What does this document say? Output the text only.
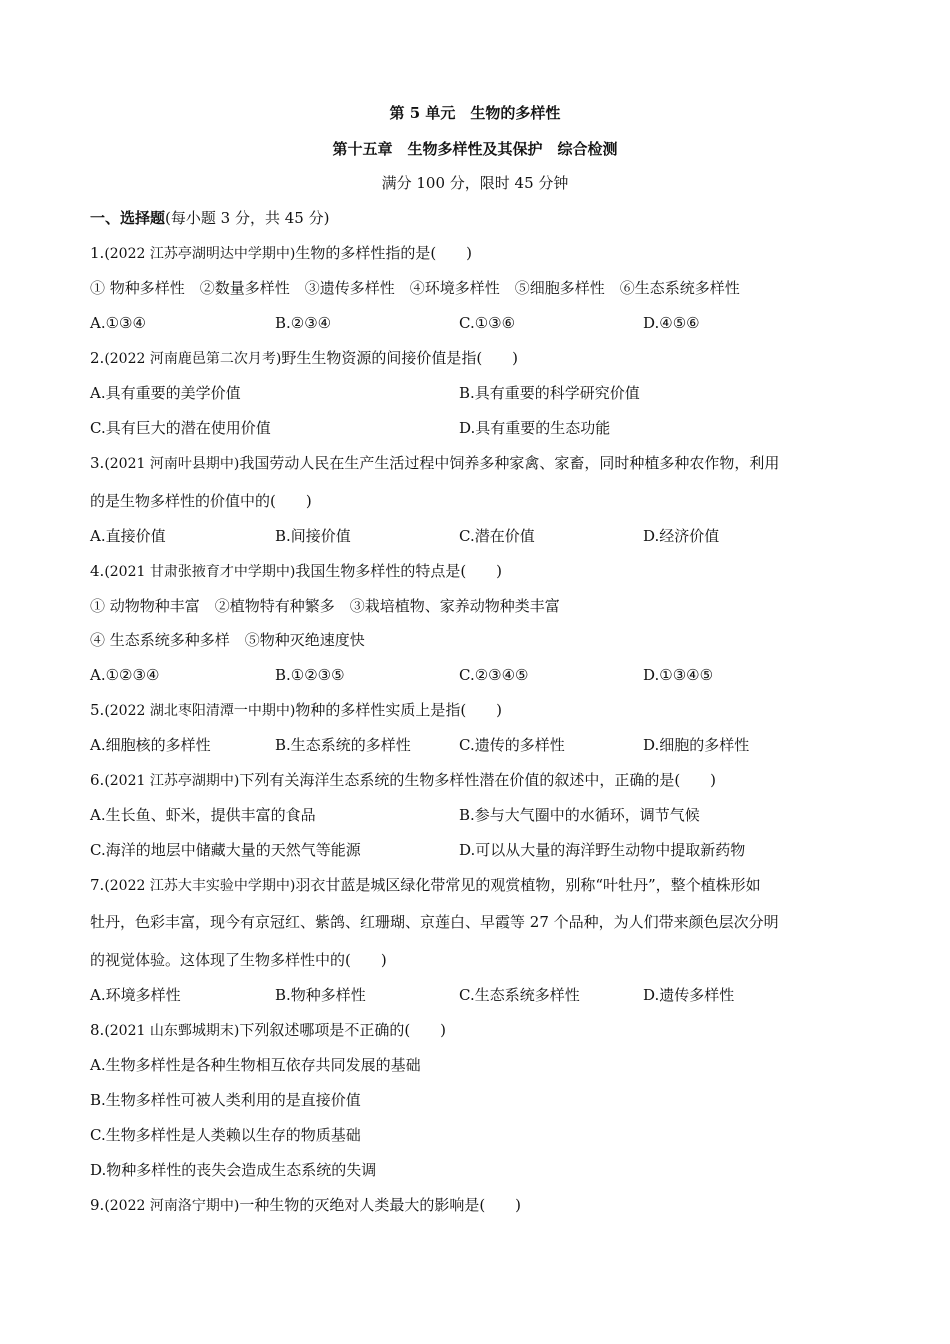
第 5 单元　生物的多样性
第十五章　生物多样性及其保护　综合检测
满分 100 分，限时 45 分钟
一、选择题(每小题 3 分，共 45 分)
1.(2022 江苏亭湖明达中学期中)生物的多样性指的是(　　)
① 物种多样性　②数量多样性　③遗传多样性　④环境多样性　⑤细胞多样性　⑥生态系统多样性
A.①③④	B.②③④	C.①③⑥	D.④⑤⑥
2.(2022 河南鹿邑第二次月考)野生生物资源的间接价值是指(　　)
A.具有重要的美学价值	B.具有重要的科学研究价值
C.具有巨大的潜在使用价值	D.具有重要的生态功能
3.(2021 河南叶县期中)我国劳动人民在生产生活过程中饲养多种家禽、家畜，同时种植多种农作物，利用
的是生物多样性的价值中的(　　)
A.直接价值	B.间接价值	C.潜在价值	D.经济价值
4.(2021 甘肃张掖育才中学期中)我国生物多样性的特点是(　　)
① 动物物种丰富　②植物特有种繁多　③栽培植物、家养动物种类丰富
④ 生态系统多种多样　⑤物种灭绝速度快
A.①②③④	B.①②③⑤	C.②③④⑤	D.①③④⑤
5.(2022 湖北枣阳清潭一中期中)物种的多样性实质上是指(　　)
A.细胞核的多样性	B.生态系统的多样性	C.遗传的多样性	D.细胞的多样性
6.(2021 江苏亭湖期中)下列有关海洋生态系统的生物多样性潜在价值的叙述中，正确的是(　　)
A.生长鱼、虾米，提供丰富的食品	B.参与大气圈中的水循环，调节气候
C.海洋的地层中储藏大量的天然气等能源	D.可以从大量的海洋野生动物中提取新药物
7.(2022 江苏大丰实验中学期中)羽衣甘蓝是城区绿化带常见的观赏植物，别称“叶牡丹”，整个植株形如
牡丹，色彩丰富，现今有京冠红、紫鸽、红珊瑚、京莲白、早霞等 27 个品种，为人们带来颜色层次分明
的视觉体验。这体现了生物多样性中的(　　)
A.环境多样性	B.物种多样性	C.生态系统多样性	D.遗传多样性
8.(2021 山东鄄城期末)下列叙述哪项是不正确的(　　)
A.生物多样性是各种生物相互依存共同发展的基础
B.生物多样性可被人类利用的是直接价值
C.生物多样性是人类赖以生存的物质基础
D.物种多样性的丧失会造成生态系统的失调
9.(2022 河南洛宁期中)一种生物的灭绝对人类最大的影响是(　　)
